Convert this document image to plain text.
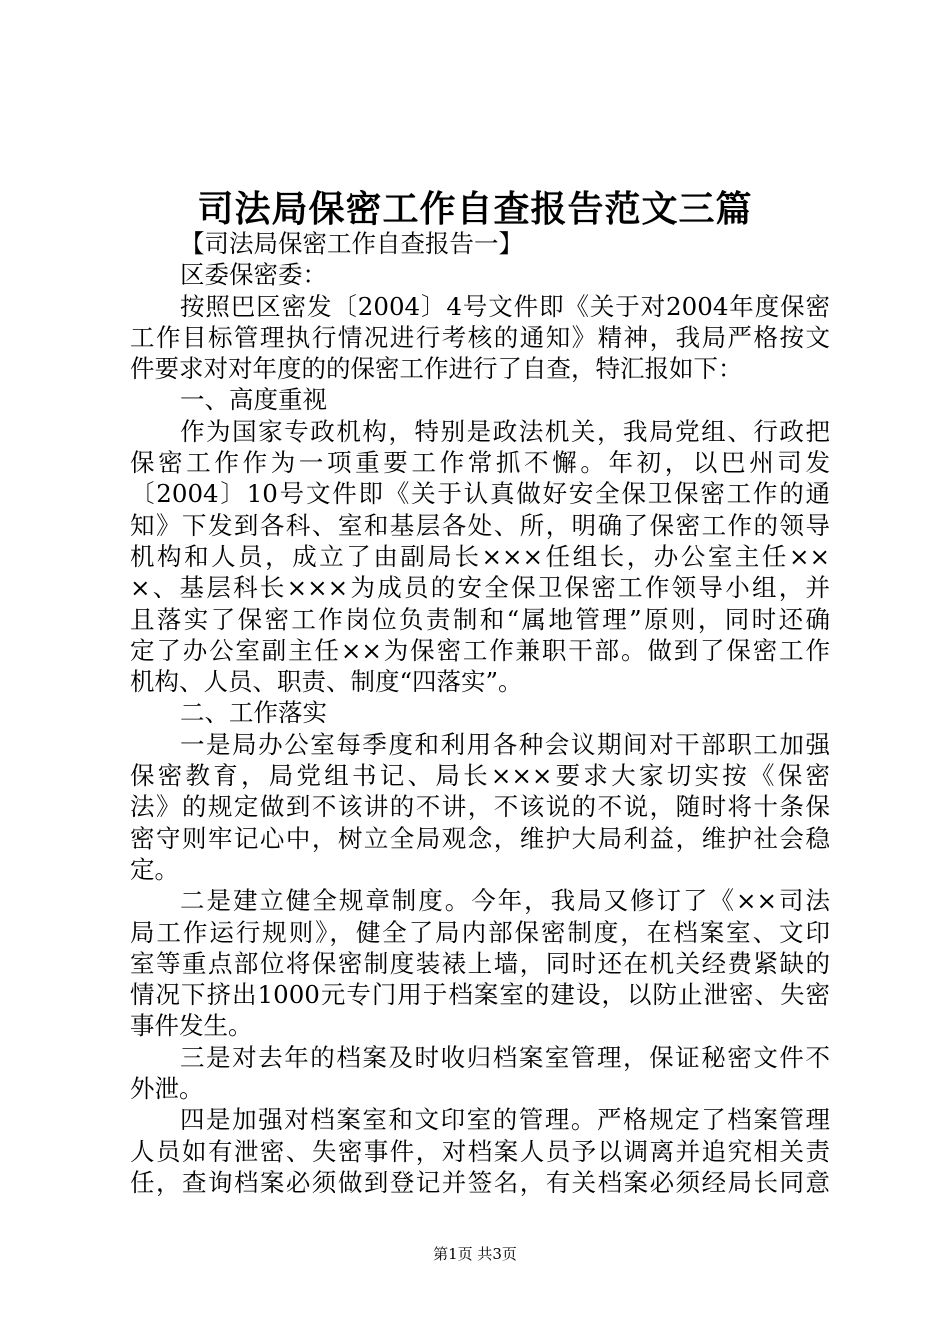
司法局保密工作自查报告范文三篇
【司法局保密工作自查报告一】
区委保密委：
按照巴区密发〔2004〕4号文件即《关于对2004年度保密
工作目标管理执行情况进行考核的通知》精神，我局严格按文
件要求对对年度的的保密工作进行了自查，特汇报如下：
一、高度重视
作为国家专政机构，特别是政法机关，我局党组、行政把
保密工作作为一项重要工作常抓不懈。年初，以巴州司发
〔2004〕10号文件即《关于认真做好安全保卫保密工作的通
知》下发到各科、室和基层各处、所，明确了保密工作的领导
机构和人员，成立了由副局长×××任组长，办公室主任××
×、基层科长×××为成员的安全保卫保密工作领导小组，并
且落实了保密工作岗位负责制和“属地管理”原则，同时还确
定了办公室副主任××为保密工作兼职干部。做到了保密工作
机构、人员、职责、制度“四落实”。
二、工作落实
一是局办公室每季度和利用各种会议期间对干部职工加强
保密教育，局党组书记、局长×××要求大家切实按《保密
法》的规定做到不该讲的不讲，不该说的不说，随时将十条保
密守则牢记心中，树立全局观念，维护大局利益，维护社会稳
定。
二是建立健全规章制度。今年，我局又修订了《××司法
局工作运行规则》，健全了局内部保密制度，在档案室、文印
室等重点部位将保密制度装裱上墙，同时还在机关经费紧缺的
情况下挤出1000元专门用于档案室的建设，以防止泄密、失密
事件发生。
三是对去年的档案及时收归档案室管理，保证秘密文件不
外泄。
四是加强对档案室和文印室的管理。严格规定了档案管理
人员如有泄密、失密事件，对档案人员予以调离并追究相关责
任，查询档案必须做到登记并签名，有关档案必须经局长同意
第1页 共3页
